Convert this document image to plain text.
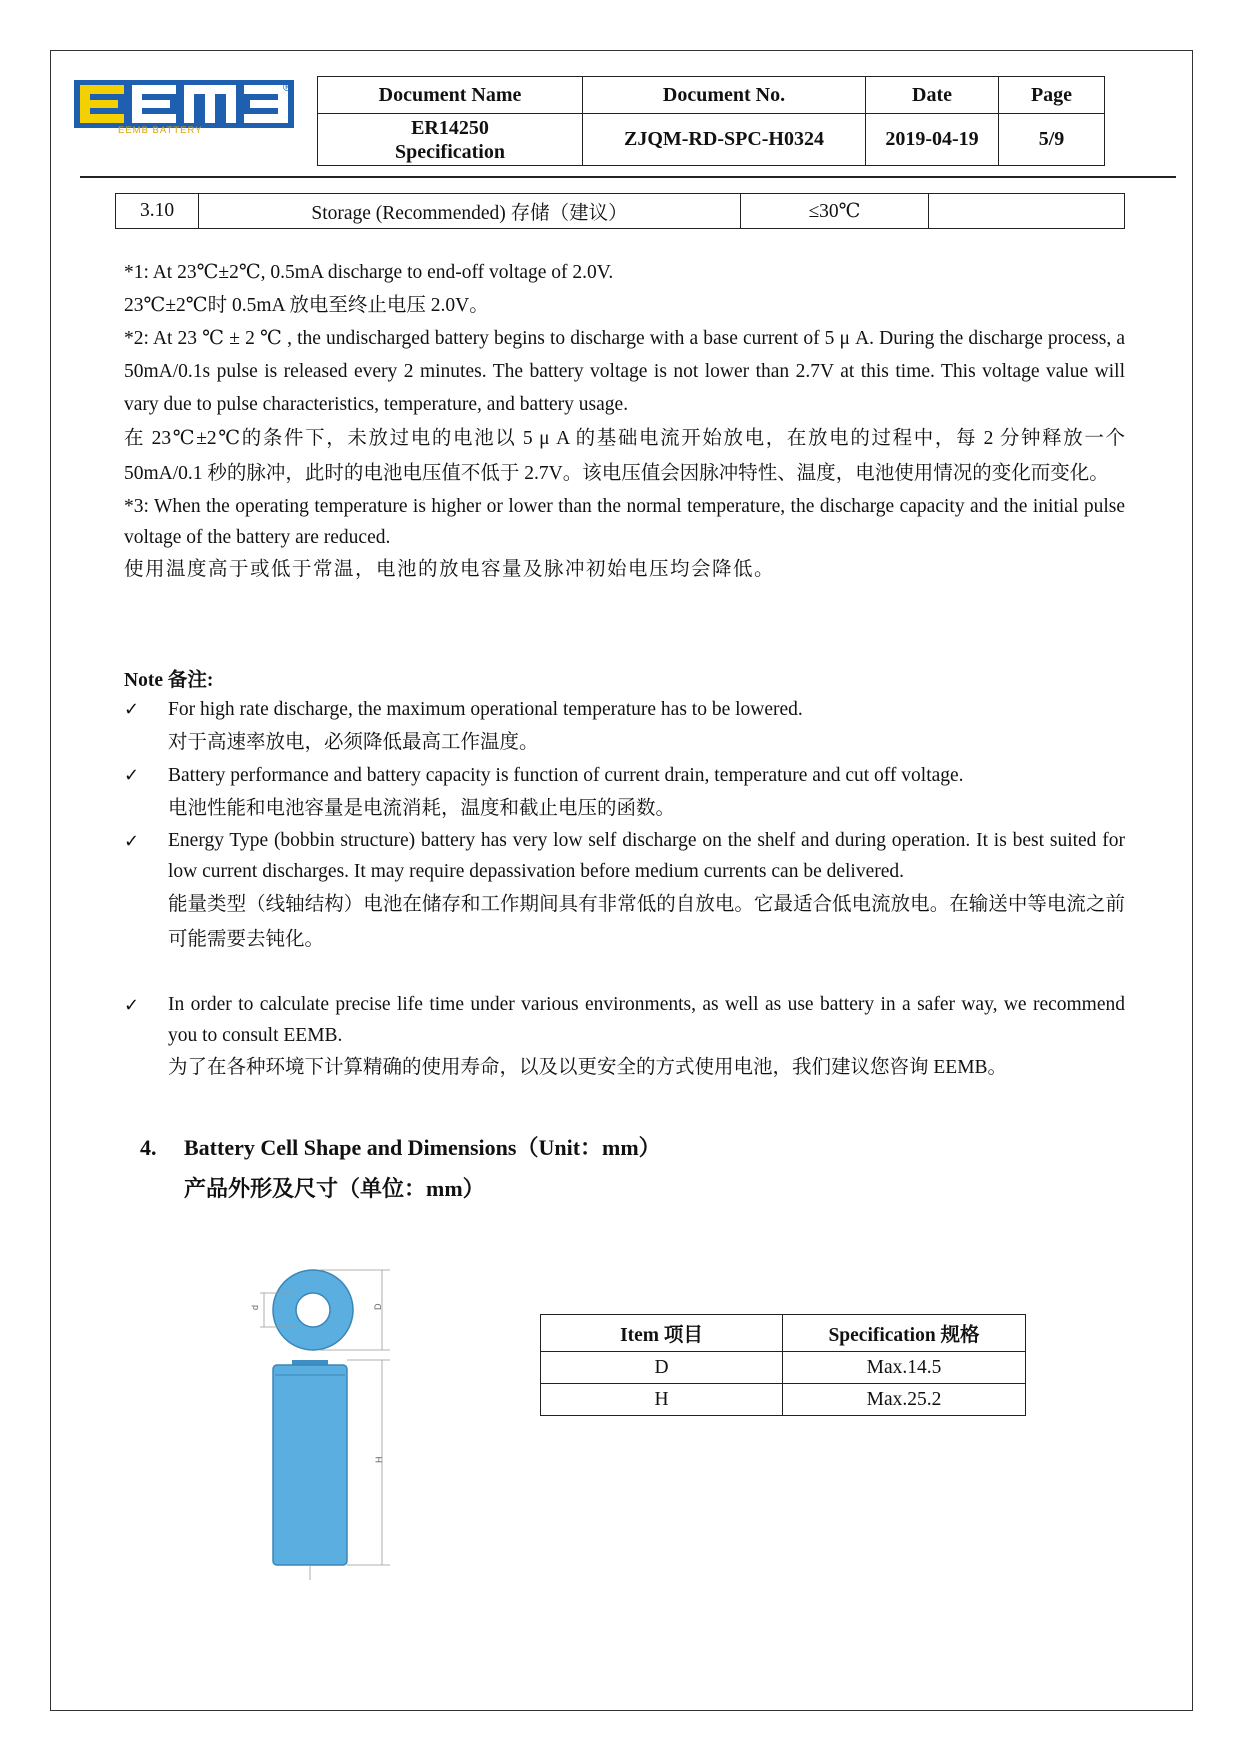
EEMB BATTERY
®	Document Name	Document No.	Date	Page

ER14250
Specification	ZJQM-RD-SPC-H0324	2019-04-19	5/9
3.10	Storage (Recommended) 存储（建议）	≤30℃	

*1: At 23℃±2℃, 0.5mA discharge to end-off voltage of 2.0V.

23℃±2℃时 0.5mA 放电至终止电压 2.0V。

*2: At 23 ℃ ± 2 ℃ , the undischarged battery begins to discharge with a base current of 5 μ A. During the discharge process, a 50mA/0.1s pulse is released every 2 minutes. The battery voltage is not lower than 2.7V at this time. This voltage value will vary due to pulse characteristics, temperature, and battery usage.

在 23℃±2℃的条件下，未放过电的电池以 5 μ A 的基础电流开始放电，在放电的过程中，每 2 分钟释放一个 50mA/0.1 秒的脉冲，此时的电池电压值不低于 2.7V。该电压值会因脉冲特性、温度，电池使用情况的变化而变化。

*3: When the operating temperature is higher or lower than the normal temperature, the discharge capacity and the initial pulse voltage of the battery are reduced.

使用温度高于或低于常温，电池的放电容量及脉冲初始电压均会降低。

Note 备注:
✓ For high rate discharge, the maximum operational temperature has to be lowered.
对于高速率放电，必须降低最高工作温度。
✓ Battery performance and battery capacity is function of current drain, temperature and cut off voltage.
电池性能和电池容量是电流消耗，温度和截止电压的函数。
✓ Energy Type (bobbin structure) battery has very low self discharge on the shelf and during operation. It is best suited for low current discharges. It may require depassivation before medium currents can be delivered.
能量类型（线轴结构）电池在储存和工作期间具有非常低的自放电。它最适合低电流放电。在输送中等电流之前可能需要去钝化。
✓ In order to calculate precise life time under various environments, as well as use battery in a safer way, we recommend you to consult EEMB.
为了在各种环境下计算精确的使用寿命，以及以更安全的方式使用电池，我们建议您咨询 EEMB。
4. Battery Cell Shape and Dimensions（Unit：mm）
产品外形及尺寸（单位：mm）
d	D
H
Item 项目	Specification 规格
D	Max.14.5
H	Max.25.2
